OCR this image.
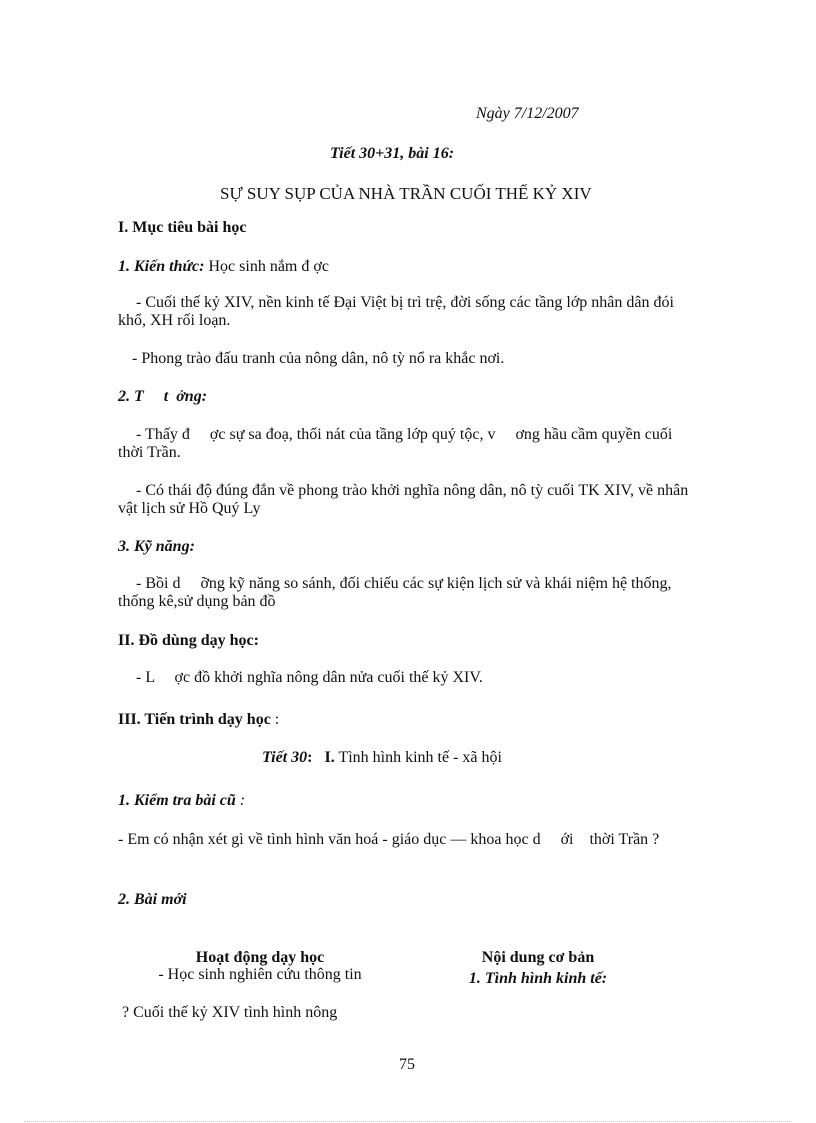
Ngày 7/12/2007
Tiết 30+31, bài 16:
SỰ SUY SỤP CỦA NHÀ TRẦN CUỐI THẾ KỶ XIV
I. Mục tiêu bài học
1. Kiến thức: Học sinh nắm đ ợc
- Cuối thế kỷ XIV, nền kinh tế Đại Việt bị trì trệ, đời sống các tầng lớp nhân dân đói khổ, XH rối loạn.
- Phong trào đấu tranh của nông dân, nô tỳ nổ ra khắc nơi.
2. T     t  ởng:
- Thấy đ     ợc sự sa đoạ, thối nát của tầng lớp quý tộc, v     ơng hầu cầm quyền cuối thời Trần.
- Có thái độ đúng đắn về phong trào khởi nghĩa nông dân, nô tỳ cuối TK XIV, về nhân vật lịch sử Hồ Quý Ly
3. Kỹ năng:
- Bồi d     ỡng kỹ năng so sánh, đối chiếu các sự kiện lịch sử và khái niệm hệ thống, thống kê,sử dụng bản đồ
II. Đồ dùng dạy học:
- L     ợc đồ khởi nghĩa nông dân nửa cuối thế kỷ XIV.
III. Tiến trình dạy học :
Tiết 30: I. Tình hình kinh tế - xã hội
1. Kiểm tra bài cũ :
- Em có nhận xét gì về tình hình văn hoá - giáo dục — khoa học d     ới    thời Trần ?
2. Bài mới
Hoạt động dạy học	Nội dung cơ bản
- Học sinh nghiên cứu thông tin	1. Tình hình kinh tế:
? Cuối thế kỷ XIV tình hình nông
75
